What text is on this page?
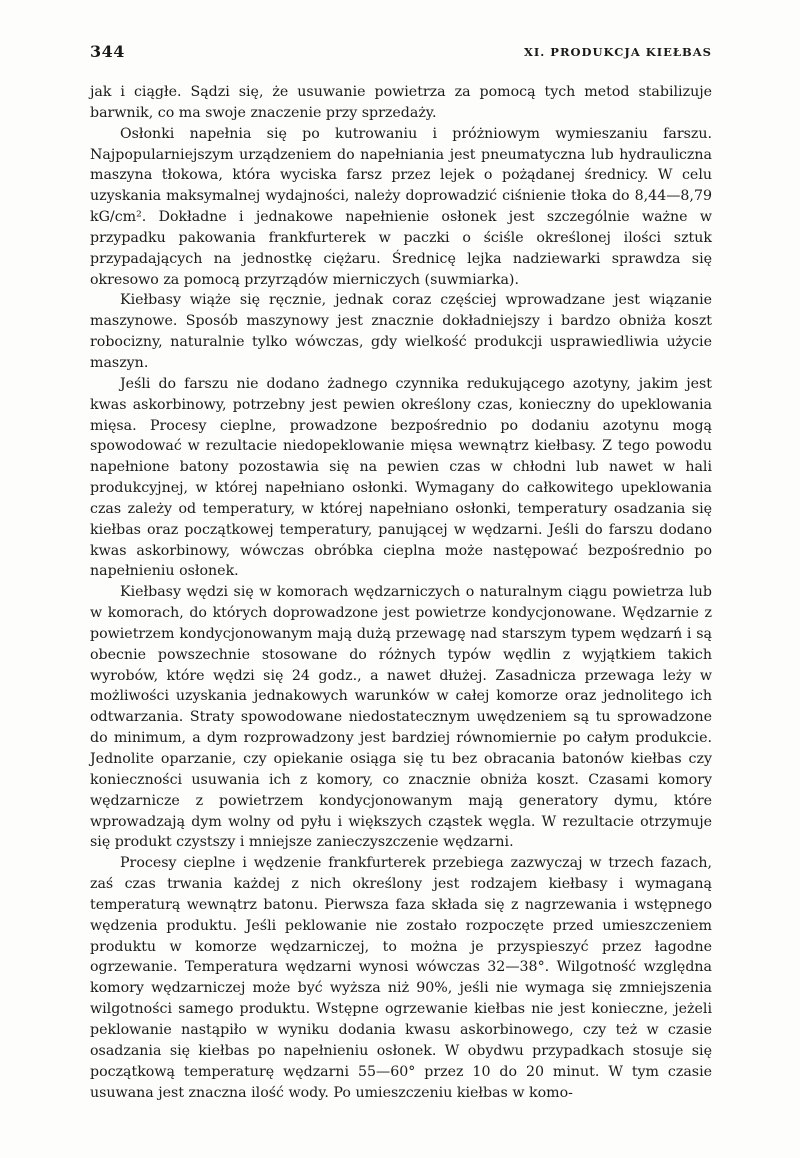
344	XI. PRODUKCJA KIEŁBAS

jak i ciągłe. Sądzi się, że usuwanie powietrza za pomocą tych metod stabilizuje barwnik, co ma swoje znaczenie przy sprzedaży.

Osłonki napełnia się po kutrowaniu i próżniowym wymieszaniu farszu. Najpopularniejszym urządzeniem do napełniania jest pneumatyczna lub hydrauliczna maszyna tłokowa, która wyciska farsz przez lejek o pożądanej średnicy. W celu uzyskania maksymalnej wydajności, należy doprowadzić ciśnienie tłoka do 8,44—8,79 kG/cm². Dokładne i jednakowe napełnienie osłonek jest szczególnie ważne w przypadku pakowania frankfurterek w paczki o ściśle określonej ilości sztuk przypadających na jednostkę ciężaru. Średnicę lejka nadziewarki sprawdza się okresowo za pomocą przyrządów mierniczych (suwmiarka).

Kiełbasy wiąże się ręcznie, jednak coraz częściej wprowadzane jest wiązanie maszynowe. Sposób maszynowy jest znacznie dokładniejszy i bardzo obniża koszt robocizny, naturalnie tylko wówczas, gdy wielkość produkcji usprawiedliwia użycie maszyn.

Jeśli do farszu nie dodano żadnego czynnika redukującego azotyny, jakim jest kwas askorbinowy, potrzebny jest pewien określony czas, konieczny do upeklowania mięsa. Procesy cieplne, prowadzone bezpośrednio po dodaniu azotynu mogą spowodować w rezultacie niedopeklowanie mięsa wewnątrz kiełbasy. Z tego powodu napełnione batony pozostawia się na pewien czas w chłodni lub nawet w hali produkcyjnej, w której napełniano osłonki. Wymagany do całkowitego upeklowania czas zależy od temperatury, w której napełniano osłonki, temperatury osadzania się kiełbas oraz początkowej temperatury, panującej w wędzarni. Jeśli do farszu dodano kwas askorbinowy, wówczas obróbka cieplna może następować bezpośrednio po napełnieniu osłonek.

Kiełbasy wędzi się w komorach wędzarniczych o naturalnym ciągu powietrza lub w komorach, do których doprowadzone jest powietrze kondycjonowane. Wędzarnie z powietrzem kondycjonowanym mają dużą przewagę nad starszym typem wędzarń i są obecnie powszechnie stosowane do różnych typów wędlin z wyjątkiem takich wyrobów, które wędzi się 24 godz., a nawet dłużej. Zasadnicza przewaga leży w możliwości uzyskania jednakowych warunków w całej komorze oraz jednolitego ich odtwarzania. Straty spowodowane niedostatecznym uwędzeniem są tu sprowadzone do minimum, a dym rozprowadzony jest bardziej równomiernie po całym produkcie. Jednolite oparzanie, czy opiekanie osiąga się tu bez obracania batonów kiełbas czy konieczności usuwania ich z komory, co znacznie obniża koszt. Czasami komory wędzarnicze z powietrzem kondycjonowanym mają generatory dymu, które wprowadzają dym wolny od pyłu i większych cząstek węgla. W rezultacie otrzymuje się produkt czystszy i mniejsze zanieczyszczenie wędzarni.

Procesy cieplne i wędzenie frankfurterek przebiega zazwyczaj w trzech fazach, zaś czas trwania każdej z nich określony jest rodzajem kiełbasy i wymaganą temperaturą wewnątrz batonu. Pierwsza faza składa się z nagrzewania i wstępnego wędzenia produktu. Jeśli peklowanie nie zostało rozpoczęte przed umieszczeniem produktu w komorze wędzarniczej, to można je przyspieszyć przez łagodne ogrzewanie. Temperatura wędzarni wynosi wówczas 32—38°. Wilgotność względna komory wędzarniczej może być wyższa niż 90%, jeśli nie wymaga się zmniejszenia wilgotności samego produktu. Wstępne ogrzewanie kiełbas nie jest konieczne, jeżeli peklowanie nastąpiło w wyniku dodania kwasu askorbinowego, czy też w czasie osadzania się kiełbas po napełnieniu osłonek. W obydwu przypadkach stosuje się początkową temperaturę wędzarni 55—60° przez 10 do 20 minut. W tym czasie usuwana jest znaczna ilość wody. Po umieszczeniu kiełbas w komo-
